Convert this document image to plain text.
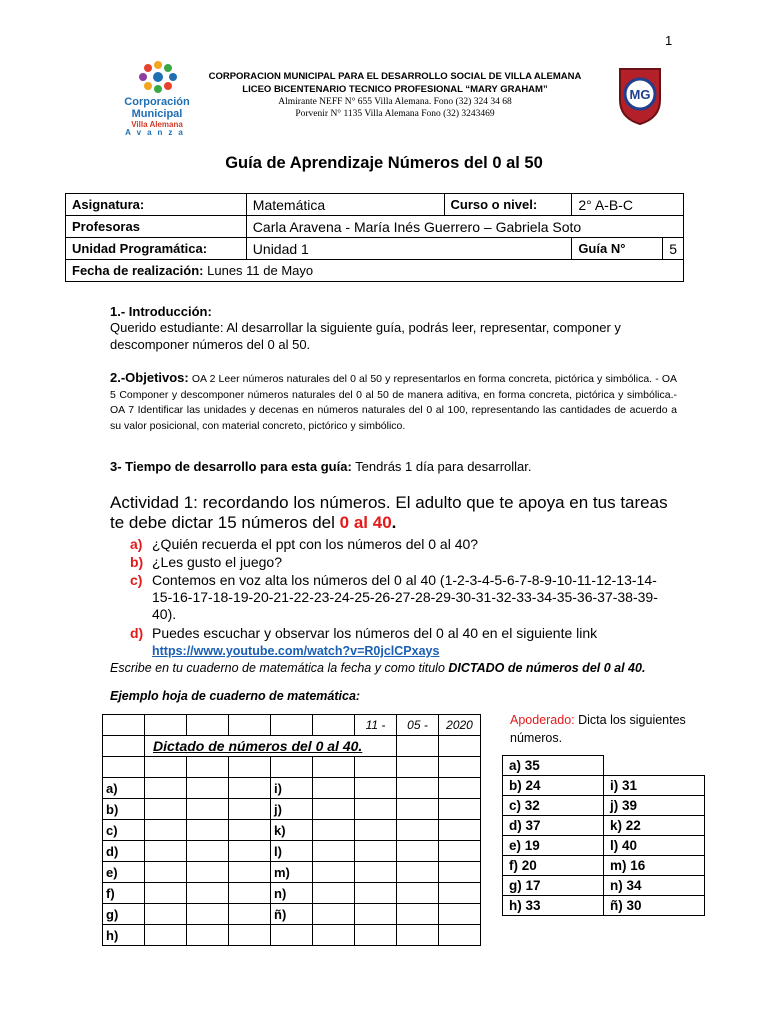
1
Corporación
Municipal
Villa Alemana
Avanza
CORPORACION MUNICIPAL PARA EL DESARROLLO SOCIAL DE VILLA ALEMANA
LICEO BICENTENARIO TECNICO PROFESIONAL “MARY GRAHAM”
Almirante NEFF N° 655 Villa Alemana. Fono (32) 324 34 68
Porvenir N° 1135 Villa Alemana Fono (32) 3243469
MG
Guía de Aprendizaje Números del 0 al 50
Asignatura:	Matemática	Curso o nivel:	2° A-B-C	
Profesoras	Carla Aravena - María Inés Guerrero – Gabriela Soto			
Unidad Programática:	Unidad 1		Guía N°	5
Fecha de realización: Lunes 11 de Mayo				
1.- Introducción:
Querido estudiante: Al desarrollar la siguiente guía, podrás leer, representar, componer y descomponer números del 0 al 50.
2.-Objetivos: OA 2 Leer números naturales del 0 al 50 y representarlos en forma concreta, pictórica y simbólica. - OA 5 Componer y descomponer números naturales del 0 al 50 de manera aditiva, en forma concreta, pictórica y simbólica.- OA 7 Identificar las unidades y decenas en números naturales del 0 al 100, representando las cantidades de acuerdo a su valor posicional, con material concreto, pictórico y simbólico.
3- Tiempo de desarrollo para esta guía: Tendrás 1 día para desarrollar.
Actividad 1: recordando los números. El adulto que te apoya en tus tareas te debe dictar 15 números del 0 al 40.
a) ¿Quién recuerda el ppt con los números del 0 al 40?
b) ¿Les gusto el juego?
c) Contemos en voz alta los números del 0 al 40 (1-2-3-4-5-6-7-8-9-10-11-12-13-14-15-16-17-18-19-20-21-22-23-24-25-26-27-28-29-30-31-32-33-34-35-36-37-38-39-40).
d) Puedes escuchar y observar los números del 0 al 40 en el siguiente link
https://www.youtube.com/watch?v=R0jclCPxays
Escribe en tu cuaderno de matemática la fecha y como titulo DICTADO de números del 0 al 40.
Ejemplo hoja de cuaderno de matemática:
						11 -	05 -	2020
	Dictado de números del 0 al 40.							

a)				i)				
b)				j)				
c)				k)				
d)				l)				
e)				m)				
f)				n)				
g)				ñ)				
h)								
Apoderado: Dicta los siguientes números.
a) 35	
b) 24	i) 31
c) 32	j) 39
d) 37	k) 22
e) 19	l) 40
f) 20	m) 16
g) 17	n) 34
h) 33	ñ) 30
